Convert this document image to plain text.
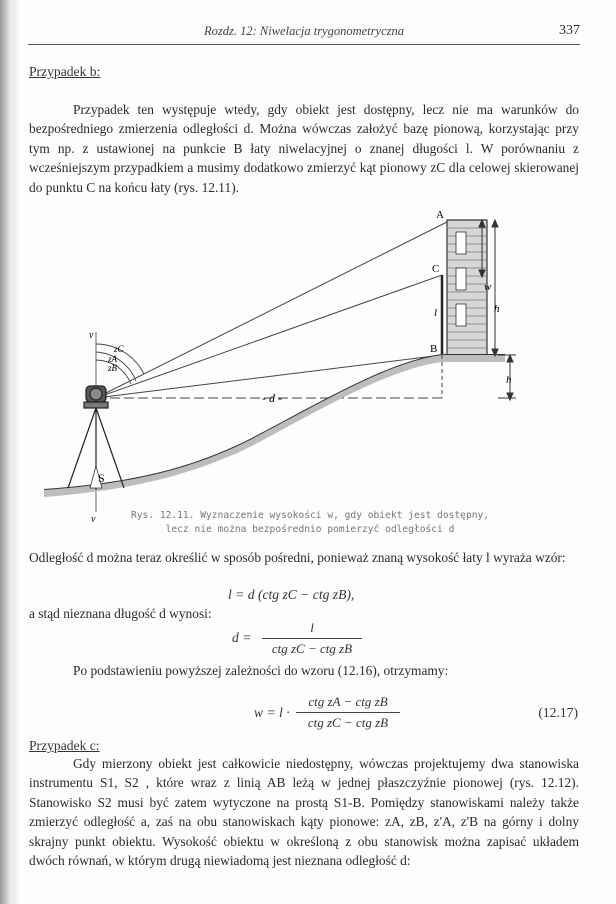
Rozdz. 12: Niwelacja trygonometryczna	337
Przypadek b:
Przypadek ten występuje wtedy, gdy obiekt jest dostępny, lecz nie ma warunków do bezpośredniego zmierzenia odległości d. Można wówczas założyć bazę pionową, korzystając przy tym np. z ustawionej na punkcie B łaty niwelacyjnej o znanej długości l. W porównaniu z wcześniejszym przypadkiem a musimy dodatkowo zmierzyć kąt pionowy zC dla celowej skierowanej do punktu C na końcu łaty (rys. 12.11).
A
C
B
S
v
v
zC
zA
zB
- d -
l
w
h
h
Rys. 12.11. Wyznaczenie wysokości w, gdy obiekt jest dostępny,
lecz nie można bezpośrednio pomierzyć odległości d
Odległość d można teraz określić w sposób pośredni, ponieważ znaną wysokość łaty l wyraża wzór:
l = d (ctg zC − ctg zB),
a stąd nieznana długość d wynosi:
d =
l
ctg zC − ctg zB
Po podstawieniu powyższej zależności do wzoru (12.16), otrzymamy:
w = l ·
ctg zA − ctg zB
ctg zC − ctg zB
(12.17)
Przypadek c:
Gdy mierzony obiekt jest całkowicie niedostępny, wówczas projektujemy dwa stanowiska instrumentu S1, S2 , które wraz z linią AB leżą w jednej płaszczyźnie pionowej (rys. 12.12). Stanowisko S2 musi być zatem wytyczone na prostą S1-B. Pomiędzy stanowiskami należy także zmierzyć odległość a, zaś na obu stanowiskach kąty pionowe: zA, zB, z'A, z'B na górny i dolny skrajny punkt obiektu. Wysokość obiektu w określoną z obu stanowisk można zapisać układem dwóch równań, w którym drugą niewiadomą jest nieznana odległość d:
